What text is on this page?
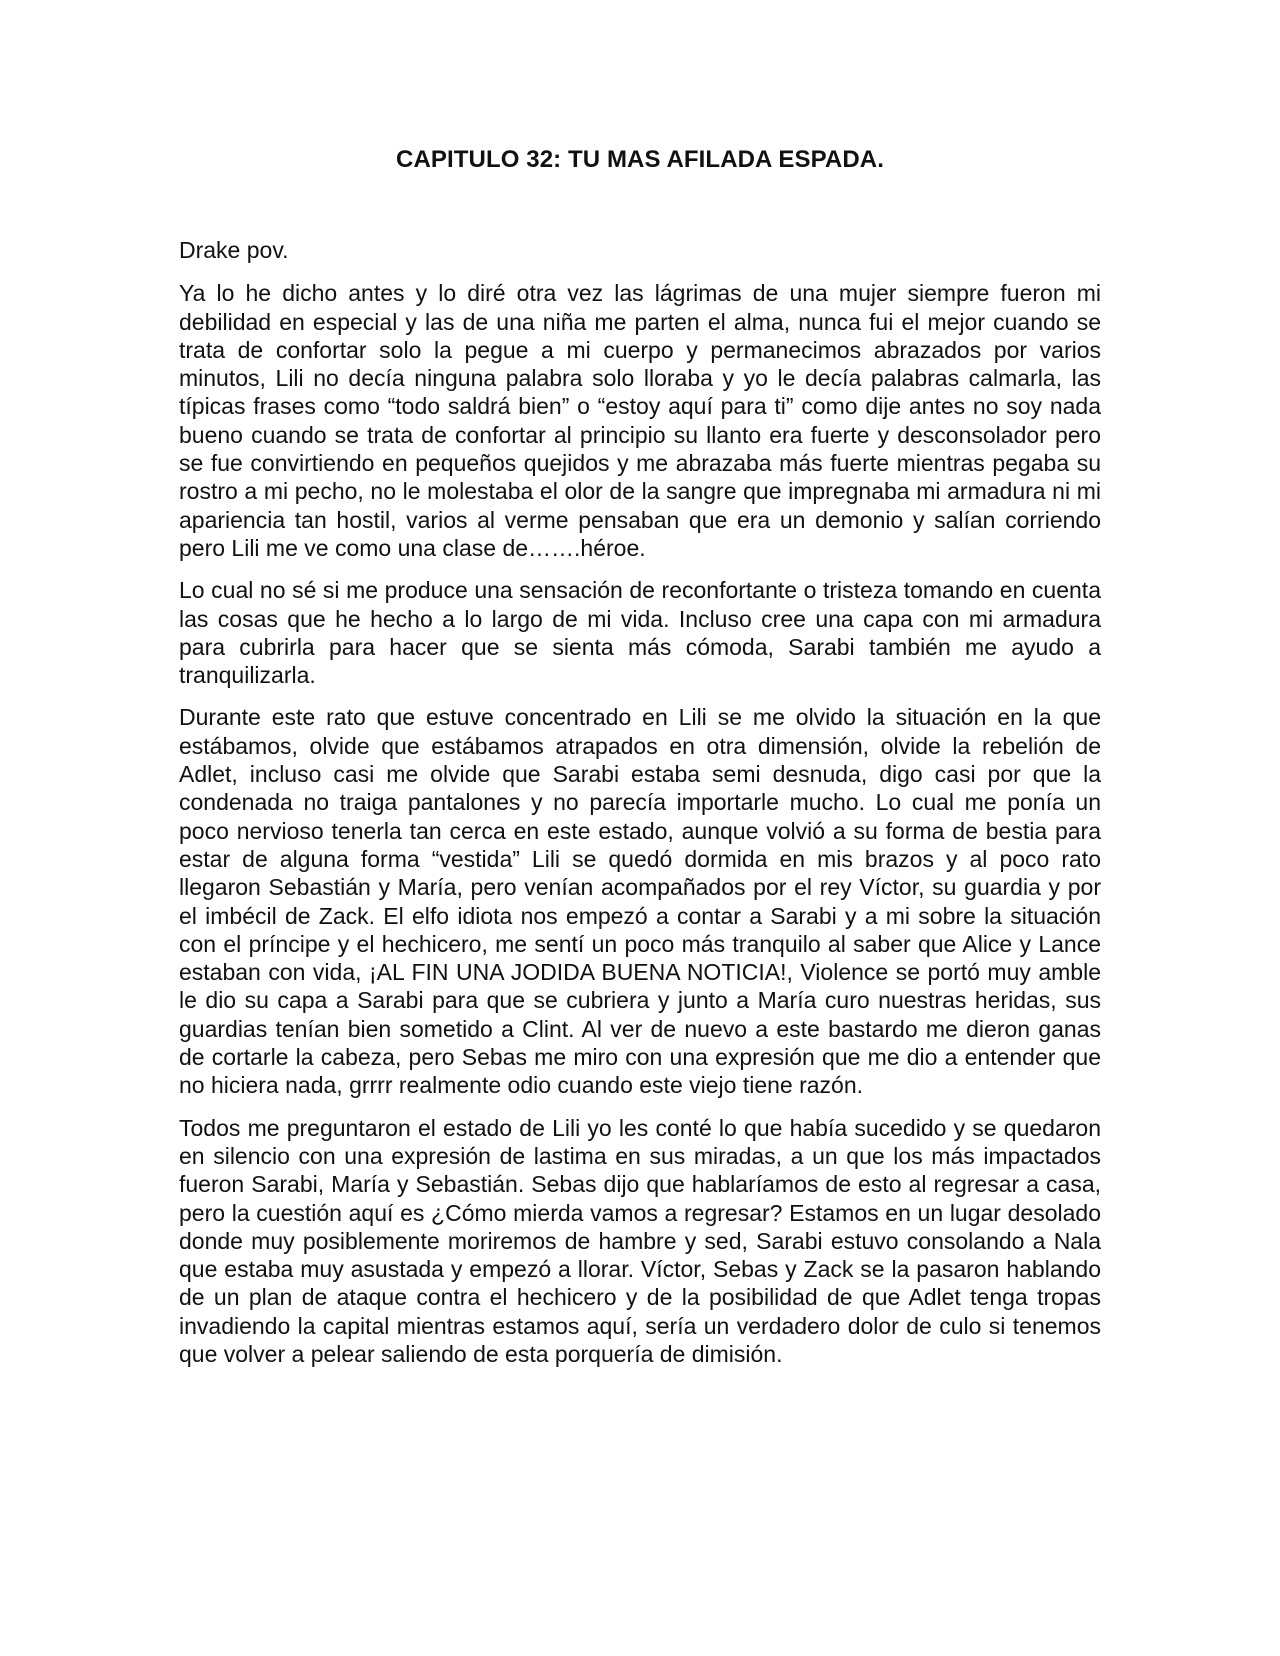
CAPITULO 32: TU MAS AFILADA ESPADA.

Drake pov.

Ya lo he dicho antes y lo diré otra vez las lágrimas de una mujer siempre fueron mi debilidad en especial y las de una niña me parten el alma, nunca fui el mejor cuando se trata de confortar solo la pegue a mi cuerpo y permanecimos abrazados por varios minutos, Lili no decía ninguna palabra solo lloraba y yo le decía palabras calmarla, las típicas frases como “todo saldrá bien” o “estoy aquí para ti” como dije antes no soy nada bueno cuando se trata de confortar al principio su llanto era fuerte y desconsolador pero se fue convirtiendo en pequeños quejidos y me abrazaba más fuerte mientras pegaba su rostro a mi pecho, no le molestaba el olor de la sangre que impregnaba mi armadura ni mi apariencia tan hostil, varios al verme pensaban que era un demonio y salían corriendo pero Lili me ve como una clase de…….héroe.

Lo cual no sé si me produce una sensación de reconfortante o tristeza tomando en cuenta las cosas que he hecho a lo largo de mi vida. Incluso cree una capa con mi armadura para cubrirla para hacer que se sienta más cómoda, Sarabi también me ayudo a tranquilizarla.

Durante este rato que estuve concentrado en Lili se me olvido la situación en la que estábamos, olvide que estábamos atrapados en otra dimensión, olvide la rebelión de Adlet, incluso casi me olvide que Sarabi estaba semi desnuda, digo casi por que la condenada no traiga pantalones y no parecía importarle mucho. Lo cual me ponía un poco nervioso tenerla tan cerca en este estado, aunque volvió a su forma de bestia para estar de alguna forma “vestida” Lili se quedó dormida en mis brazos y al poco rato llegaron Sebastián y María, pero venían acompañados por el rey Víctor, su guardia y por el imbécil de Zack. El elfo idiota nos empezó a contar a Sarabi y a mi sobre la situación con el príncipe y el hechicero, me sentí un poco más tranquilo al saber que Alice y Lance estaban con vida, ¡AL FIN UNA JODIDA BUENA NOTICIA!, Violence se portó muy amble le dio su capa a Sarabi para que se cubriera y junto a María curo nuestras heridas, sus guardias tenían bien sometido a Clint. Al ver de nuevo a este bastardo me dieron ganas de cortarle la cabeza, pero Sebas me miro con una expresión que me dio a entender que no hiciera nada, grrrr realmente odio cuando este viejo tiene razón.

Todos me preguntaron el estado de Lili yo les conté lo que había sucedido y se quedaron en silencio con una expresión de lastima en sus miradas, a un que los más impactados fueron Sarabi, María y Sebastián. Sebas dijo que hablaríamos de esto al regresar a casa, pero la cuestión aquí es ¿Cómo mierda vamos a regresar? Estamos en un lugar desolado donde muy posiblemente moriremos de hambre y sed, Sarabi estuvo consolando a Nala que estaba muy asustada y empezó a llorar. Víctor, Sebas y Zack se la pasaron hablando de un plan de ataque contra el hechicero y de la posibilidad de que Adlet tenga tropas invadiendo la capital mientras estamos aquí, sería un verdadero dolor de culo si tenemos que volver a pelear saliendo de esta porquería de dimisión.
